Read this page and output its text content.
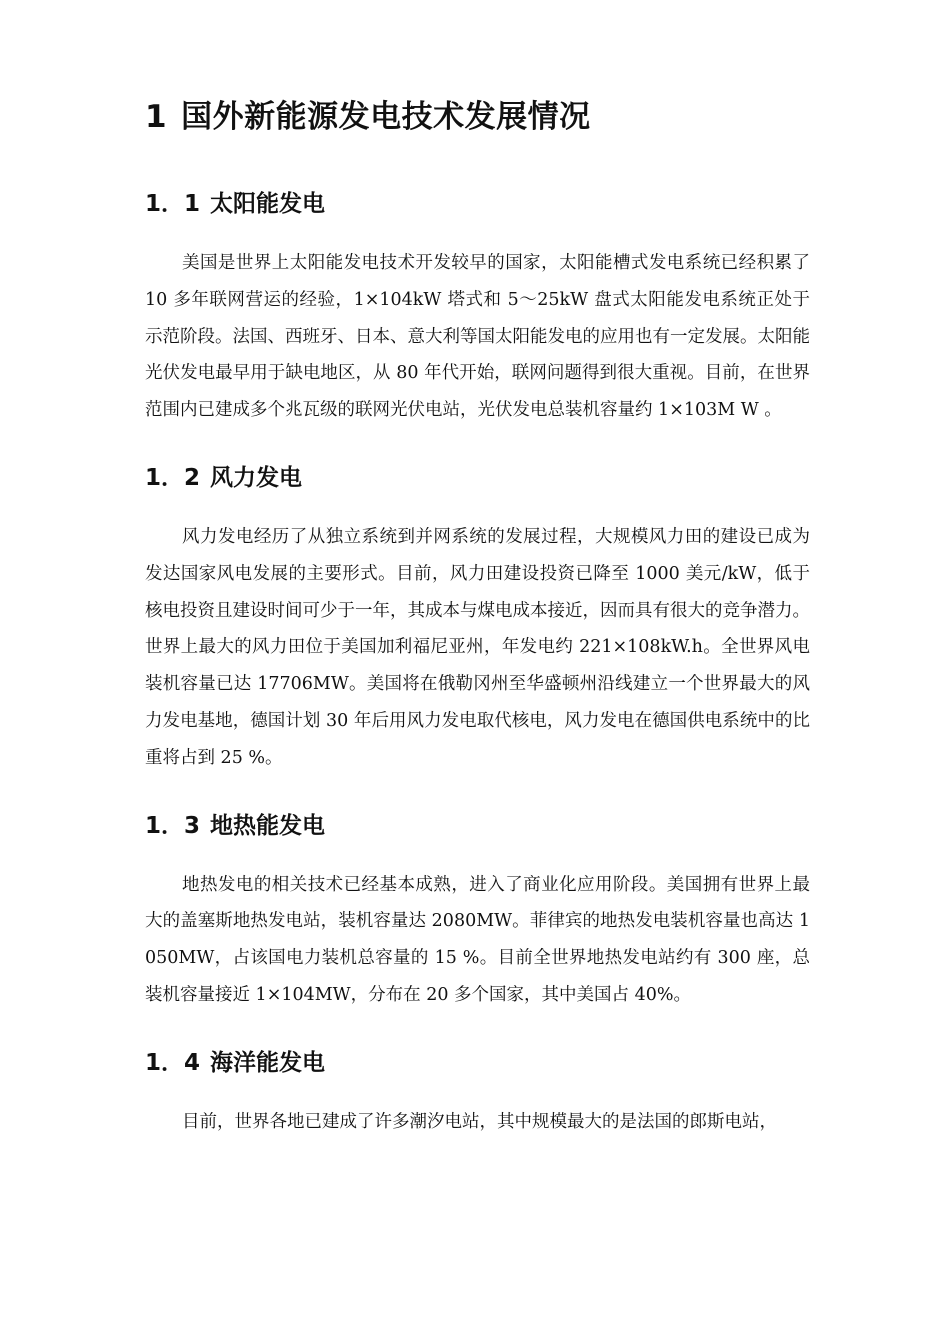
1 国外新能源发电技术发展情况
1．1 太阳能发电

美国是世界上太阳能发电技术开发较早的国家，太阳能槽式发电系统已经积累了 10 多年联网营运的经验，1×104kW 塔式和 5～25kW 盘式太阳能发电系统正处于示范阶段。法国、西班牙、日本、意大利等国太阳能发电的应用也有一定发展。太阳能光伏发电最早用于缺电地区，从 80 年代开始，联网问题得到很大重视。目前，在世界范围内已建成多个兆瓦级的联网光伏电站，光伏发电总装机容量约 1×103M W 。

1．2 风力发电

风力发电经历了从独立系统到并网系统的发展过程，大规模风力田的建设已成为发达国家风电发展的主要形式。目前，风力田建设投资已降至 1000 美元/kW，低于核电投资且建设时间可少于一年，其成本与煤电成本接近，因而具有很大的竞争潜力。世界上最大的风力田位于美国加利福尼亚州，年发电约 221×108kW.h。全世界风电装机容量已达 17706MW。美国将在俄勒冈州至华盛顿州沿线建立一个世界最大的风力发电基地，德国计划 30 年后用风力发电取代核电，风力发电在德国供电系统中的比重将占到 25 %。

1．3 地热能发电

地热发电的相关技术已经基本成熟，进入了商业化应用阶段。美国拥有世界上最大的盖塞斯地热发电站，装机容量达 2080MW。菲律宾的地热发电装机容量也高达 1050MW，占该国电力装机总容量的 15 %。目前全世界地热发电站约有 300 座，总装机容量接近 1×104MW，分布在 20 多个国家，其中美国占 40%。

1．4 海洋能发电

目前，世界各地已建成了许多潮汐电站，其中规模最大的是法国的郎斯电站，
